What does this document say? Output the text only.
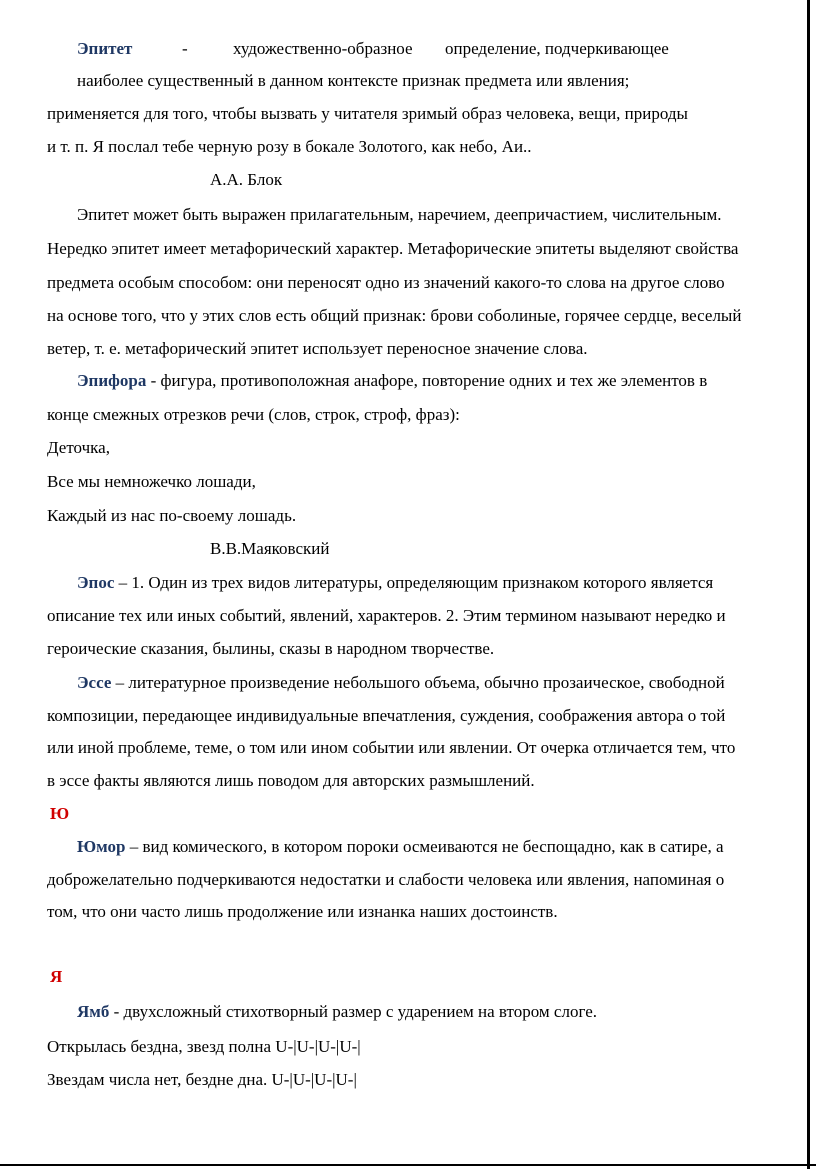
Эпитет	-	художественно-образное определение, подчеркивающее
наиболее существенный в данном контексте признак предмета или явления;
применяется для того, чтобы вызвать у читателя зримый образ человека, вещи, природы
и т. п. Я послал тебе черную розу в бокале Золотого, как небо, Аи..
А.А. Блок
Эпитет может быть выражен прилагательным, наречием, деепричастием, числительным.
Нередко эпитет имеет метафорический характер. Метафорические эпитеты выделяют свойства
предмета особым способом: они переносят одно из значений какого-то слова на другое слово
на основе того, что у этих слов есть общий признак: брови соболиные, горячее сердце, веселый
ветер, т. е. метафорический эпитет использует переносное значение слова.
Эпифора - фигура, противоположная анафоре, повторение одних и тех же элементов в
конце смежных отрезков речи (слов, строк, строф, фраз):
Деточка,
Все мы немножечко лошади,
Каждый из нас по-своему лошадь.
В.В.Маяковский
Эпос – 1. Один из трех видов литературы, определяющим признаком которого является
описание тех или иных событий, явлений, характеров. 2. Этим термином называют нередко и
героические сказания, былины, сказы в народном творчестве.
Эссе – литературное произведение небольшого объема, обычно прозаическое, свободной
композиции, передающее индивидуальные впечатления, суждения, соображения автора о той
или иной проблеме, теме, о том или ином событии или явлении. От очерка отличается тем, что
в эссе факты являются лишь поводом для авторских размышлений.
Ю
Юмор – вид комического, в котором пороки осмеиваются не беспощадно, как в сатире, а
доброжелательно подчеркиваются недостатки и слабости человека или явления, напоминая о
том, что они часто лишь продолжение или изнанка наших достоинств.
Я
Ямб - двухсложный стихотворный размер с ударением на втором слоге.
Открылась бездна, звезд полна U-|U-|U-|U-|
Звездам числа нет, бездне дна. U-|U-|U-|U-|
